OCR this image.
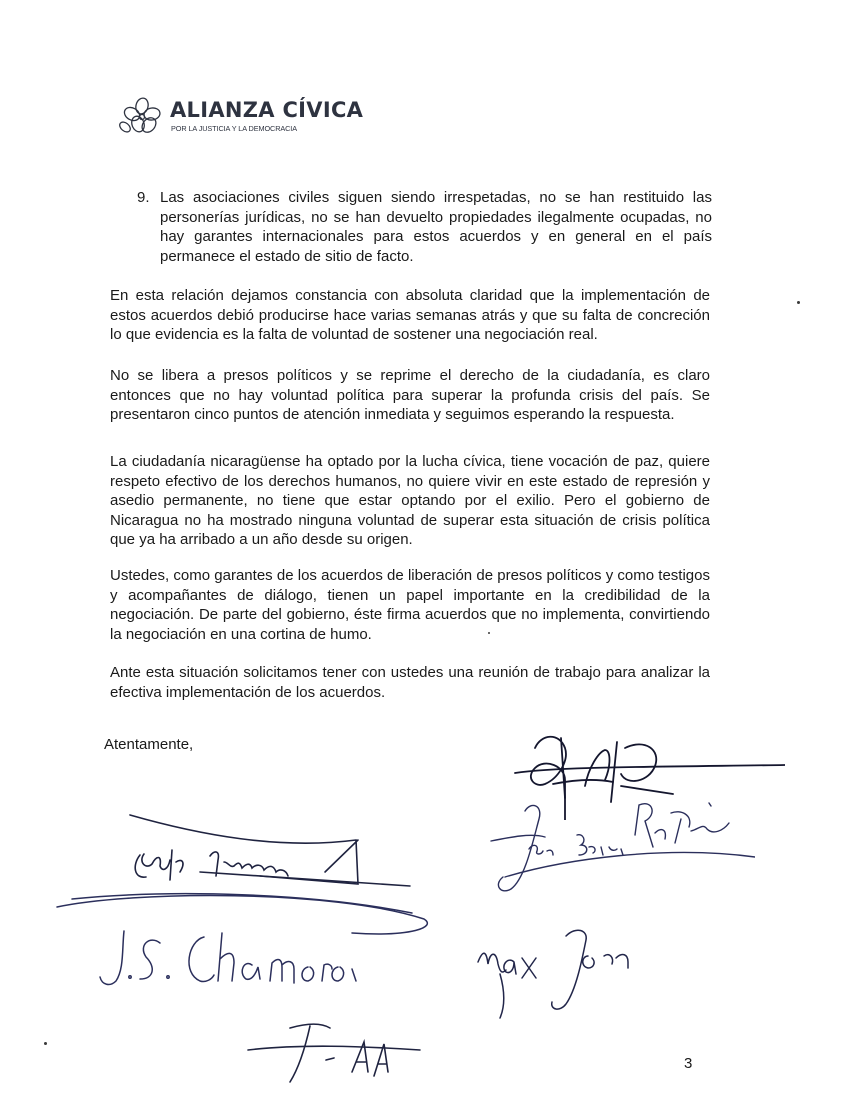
ALIANZA CÍVICA
POR LA JUSTICIA Y LA DEMOCRACIA
9. Las asociaciones civiles siguen siendo irrespetadas, no se han restituido las personerías jurídicas, no se han devuelto propiedades ilegalmente ocupadas, no hay garantes internacionales para estos acuerdos y en general en el país permanece el estado de sitio de facto.
En esta relación dejamos constancia con absoluta claridad que la implementación de estos acuerdos debió producirse hace varias semanas atrás y que su falta de concreción lo que evidencia es la falta de voluntad de sostener una negociación real.
No se libera a presos políticos y se reprime el derecho de la ciudadanía, es claro entonces que no hay voluntad política para superar la profunda crisis del país. Se presentaron cinco puntos de atención inmediata y seguimos esperando la respuesta.
La ciudadanía nicaragüense ha optado por la lucha cívica, tiene vocación de paz, quiere respeto efectivo de los derechos humanos, no quiere vivir en este estado de represión y asedio permanente, no tiene que estar optando por el exilio. Pero el gobierno de Nicaragua no ha mostrado ninguna voluntad de superar esta situación de crisis política que ya ha arribado a un año desde su origen.
Ustedes, como garantes de los acuerdos de liberación de presos políticos y como testigos y acompañantes de diálogo, tienen un papel importante en la credibilidad de la negociación. De parte del gobierno, éste firma acuerdos que no implementa, convirtiendo la negociación en una cortina de humo.
Ante esta situación solicitamos tener con ustedes una reunión de trabajo para analizar la efectiva implementación de los acuerdos.
Atentamente,
3
